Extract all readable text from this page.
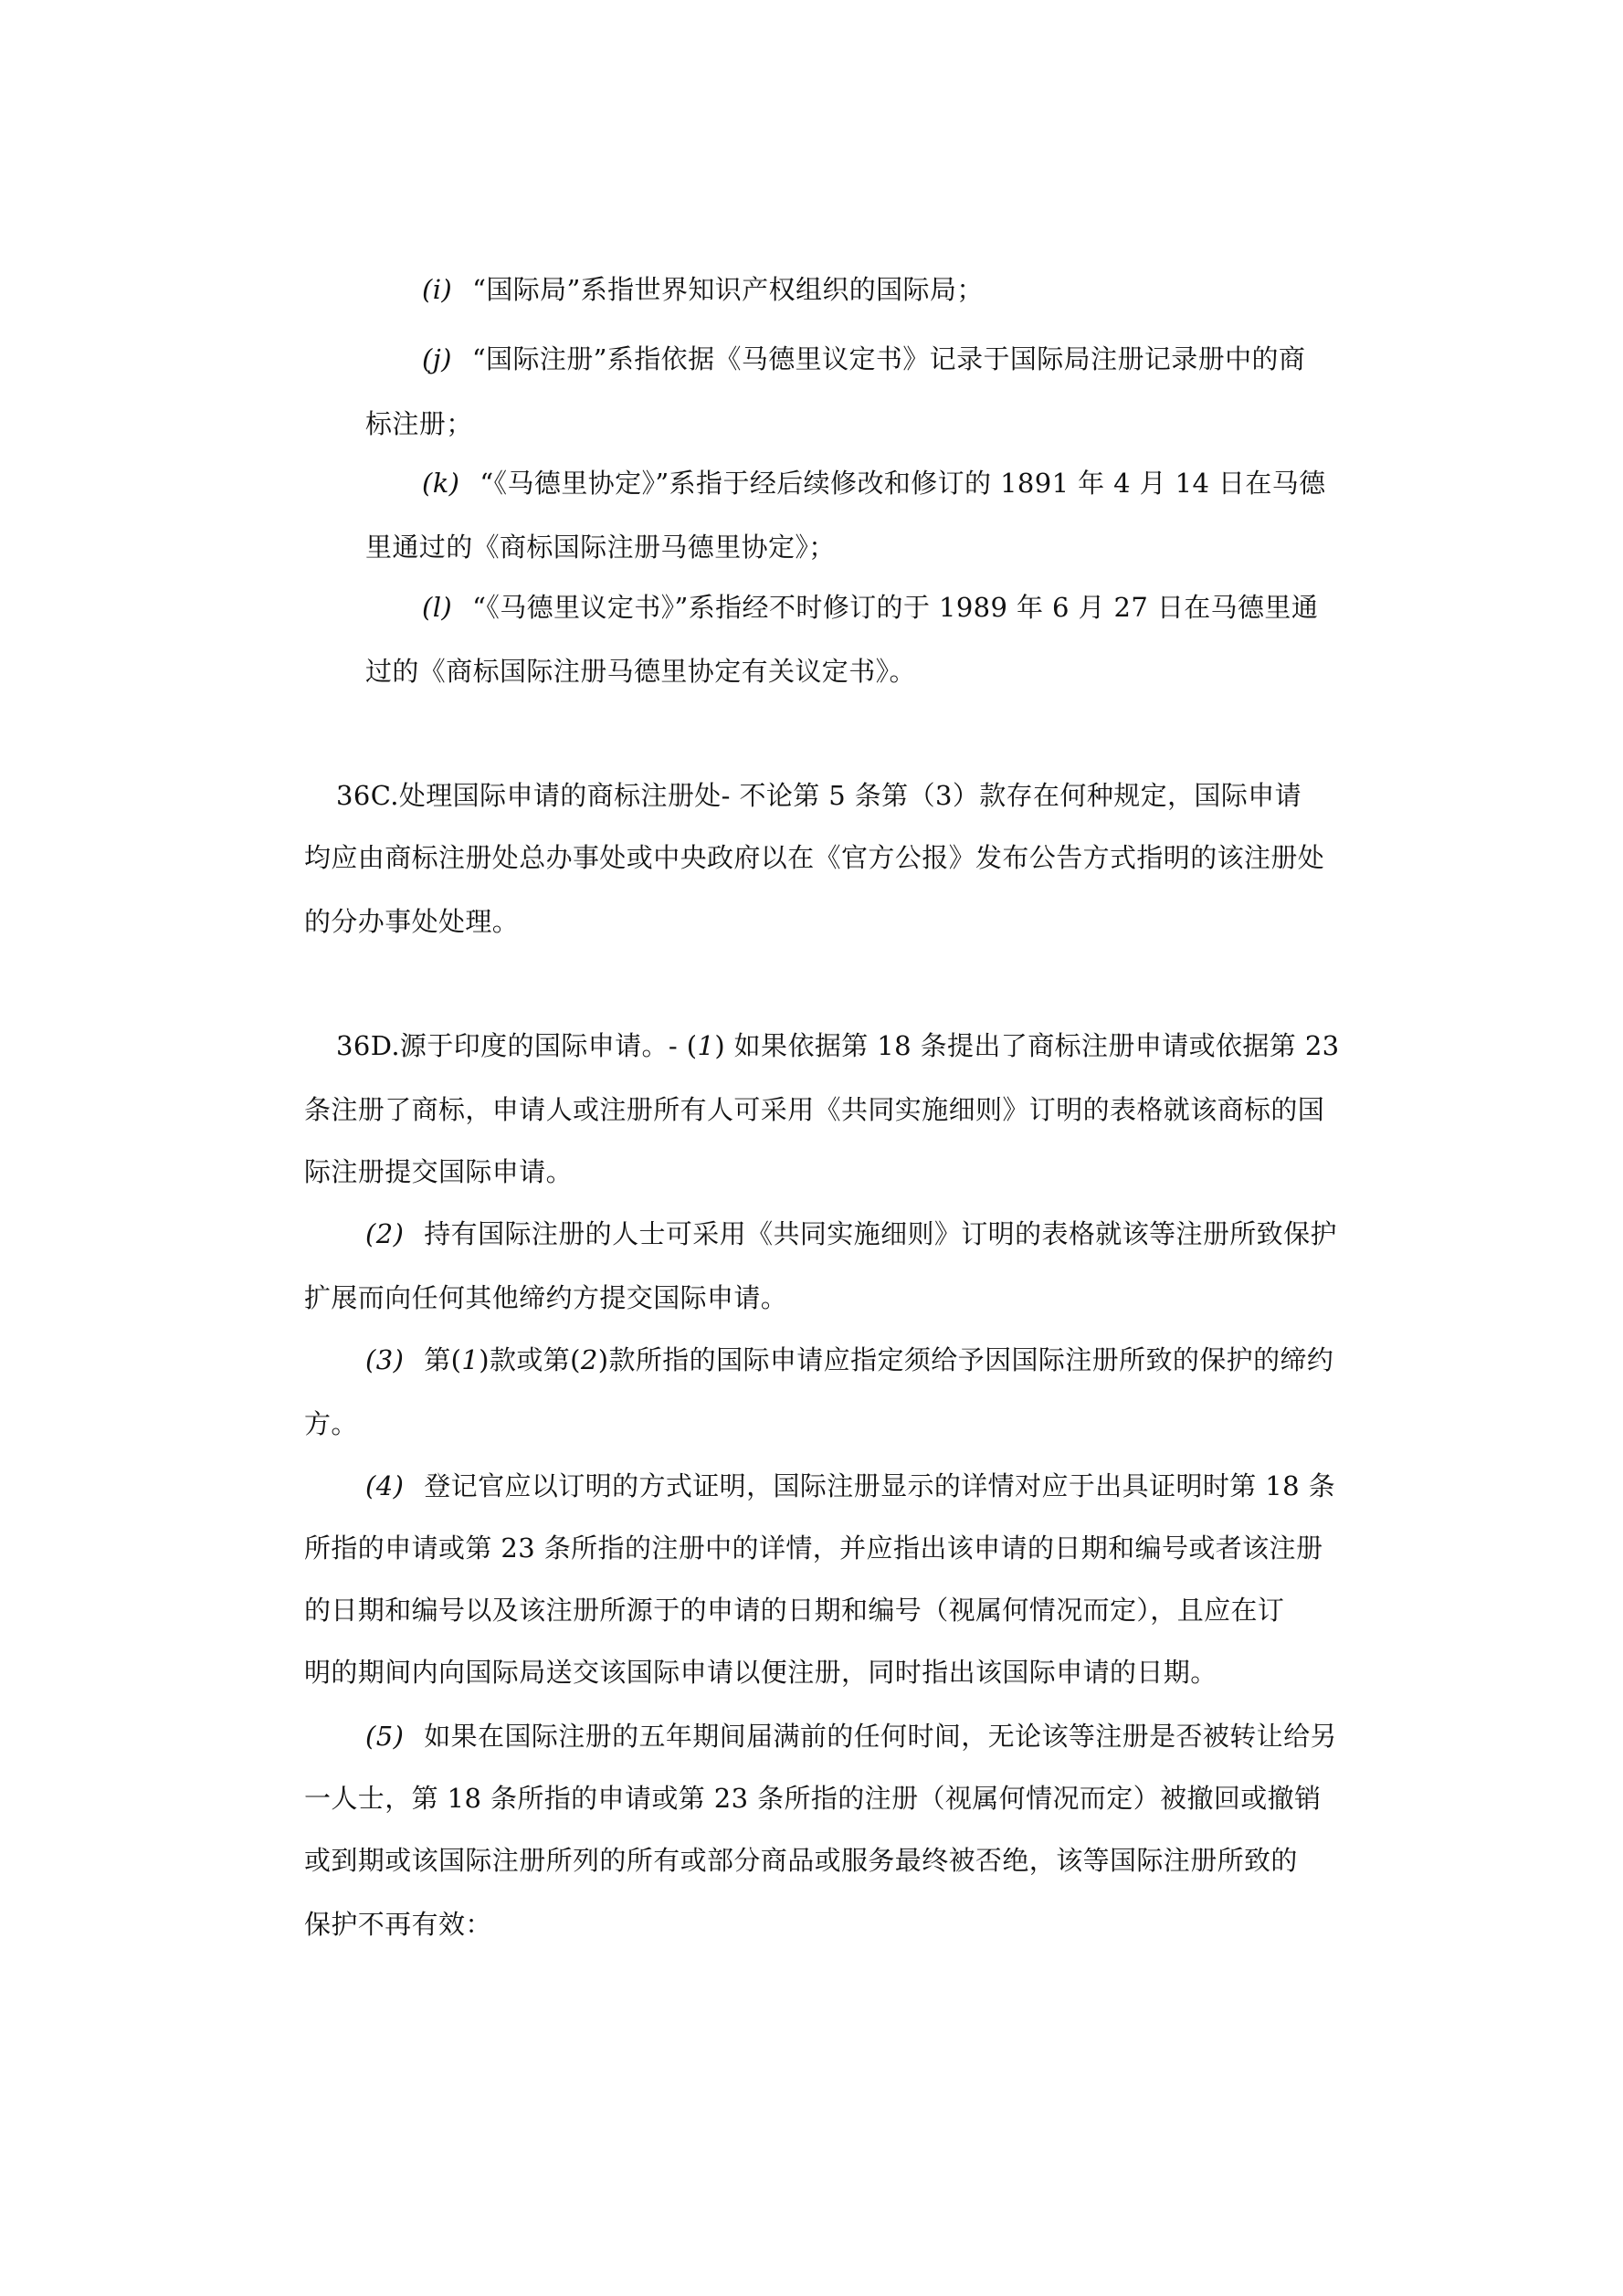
(i) “国际局”系指世界知识产权组织的国际局；

(j) “国际注册”系指依据《马德里议定书》记录于国际局注册记录册中的商

标注册；

(k) “《马德里协定》”系指于经后续修改和修订的 1891 年 4 月 14 日在马德

里通过的《商标国际注册马德里协定》；

(l) “《马德里议定书》”系指经不时修订的于 1989 年 6 月 27 日在马德里通

过的《商标国际注册马德里协定有关议定书》。

36C.处理国际申请的商标注册处- 不论第 5 条第（3）款存在何种规定，国际申请

均应由商标注册处总办事处或中央政府以在《官方公报》发布公告方式指明的该注册处

的分办事处处理。

36D.源于印度的国际申请。- (1) 如果依据第 18 条提出了商标注册申请或依据第 23

条注册了商标，申请人或注册所有人可采用《共同实施细则》订明的表格就该商标的国

际注册提交国际申请。

(2) 持有国际注册的人士可采用《共同实施细则》订明的表格就该等注册所致保护

扩展而向任何其他缔约方提交国际申请。

(3) 第(1)款或第(2)款所指的国际申请应指定须给予因国际注册所致的保护的缔约

方。

(4) 登记官应以订明的方式证明，国际注册显示的详情对应于出具证明时第 18 条

所指的申请或第 23 条所指的注册中的详情，并应指出该申请的日期和编号或者该注册

的日期和编号以及该注册所源于的申请的日期和编号（视属何情况而定），且应在订

明的期间内向国际局送交该国际申请以便注册，同时指出该国际申请的日期。

(5) 如果在国际注册的五年期间届满前的任何时间，无论该等注册是否被转让给另

一人士，第 18 条所指的申请或第 23 条所指的注册（视属何情况而定）被撤回或撤销

或到期或该国际注册所列的所有或部分商品或服务最终被否绝，该等国际注册所致的

保护不再有效：
